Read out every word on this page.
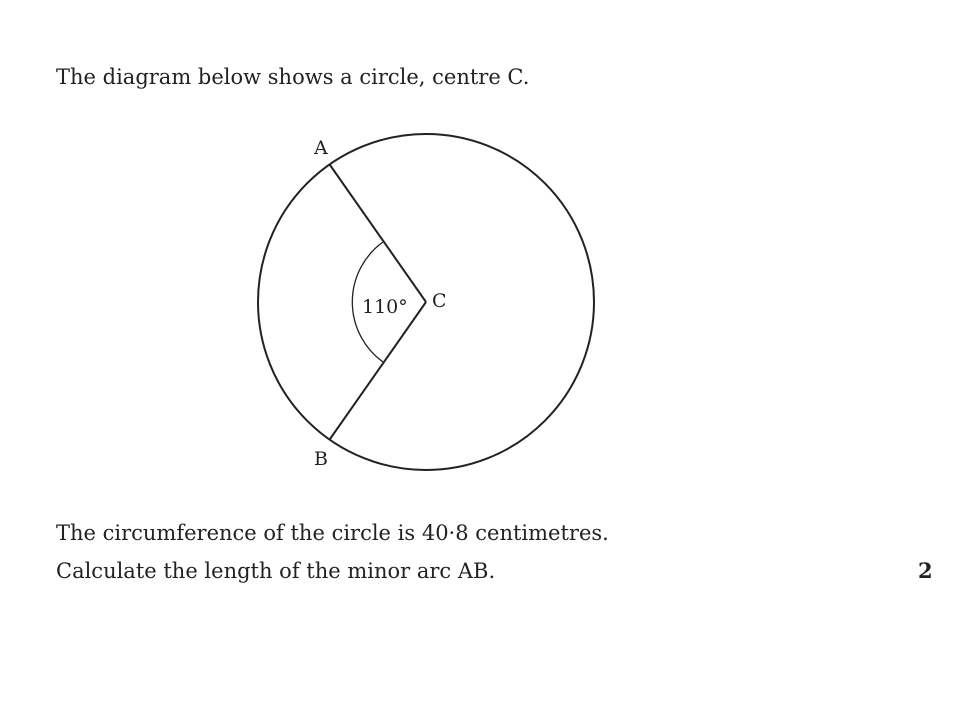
The diagram below shows a circle, centre C.
A
B
C
110°
The circumference of the circle is 40·8 centimetres.
Calculate the length of the minor arc AB.	2
